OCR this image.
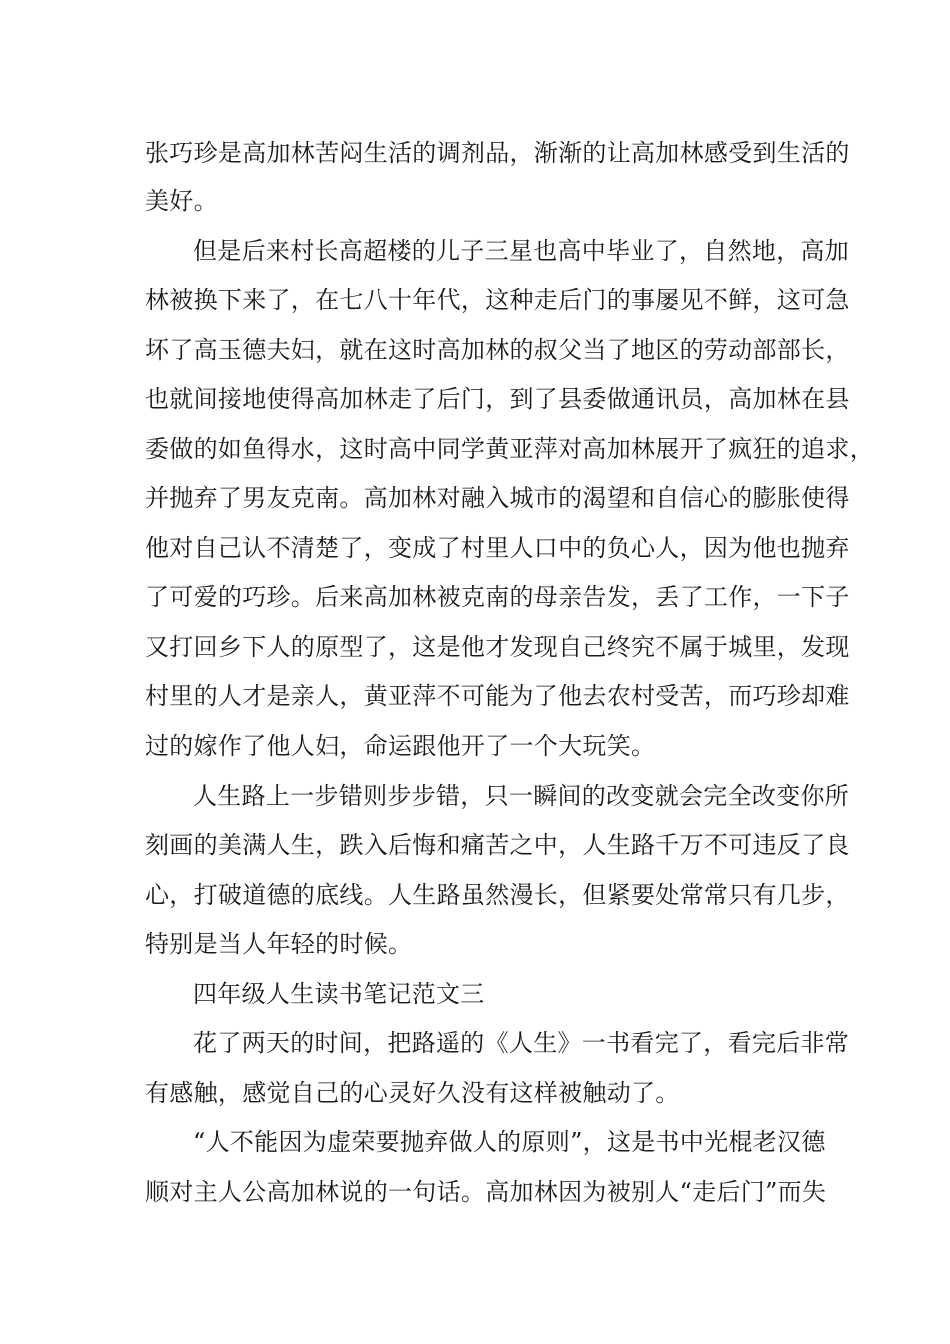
张巧珍是高加林苦闷生活的调剂品，渐渐的让高加林感受到生活的
美好。
但是后来村长高超楼的儿子三星也高中毕业了，自然地，高加
林被换下来了，在七八十年代，这种走后门的事屡见不鲜，这可急
坏了高玉德夫妇，就在这时高加林的叔父当了地区的劳动部部长，
也就间接地使得高加林走了后门，到了县委做通讯员，高加林在县
委做的如鱼得水，这时高中同学黄亚萍对高加林展开了疯狂的追求，
并抛弃了男友克南。高加林对融入城市的渴望和自信心的膨胀使得
他对自己认不清楚了，变成了村里人口中的负心人，因为他也抛弃
了可爱的巧珍。后来高加林被克南的母亲告发，丢了工作，一下子
又打回乡下人的原型了，这是他才发现自己终究不属于城里，发现
村里的人才是亲人，黄亚萍不可能为了他去农村受苦，而巧珍却难
过的嫁作了他人妇，命运跟他开了一个大玩笑。
人生路上一步错则步步错，只一瞬间的改变就会完全改变你所
刻画的美满人生，跌入后悔和痛苦之中，人生路千万不可违反了良
心，打破道德的底线。人生路虽然漫长，但紧要处常常只有几步，
特别是当人年轻的时候。
四年级人生读书笔记范文三
花了两天的时间，把路遥的《人生》一书看完了，看完后非常
有感触，感觉自己的心灵好久没有这样被触动了。
“人不能因为虚荣要抛弃做人的原则”，这是书中光棍老汉德
顺对主人公高加林说的一句话。高加林因为被别人“走后门”而失
